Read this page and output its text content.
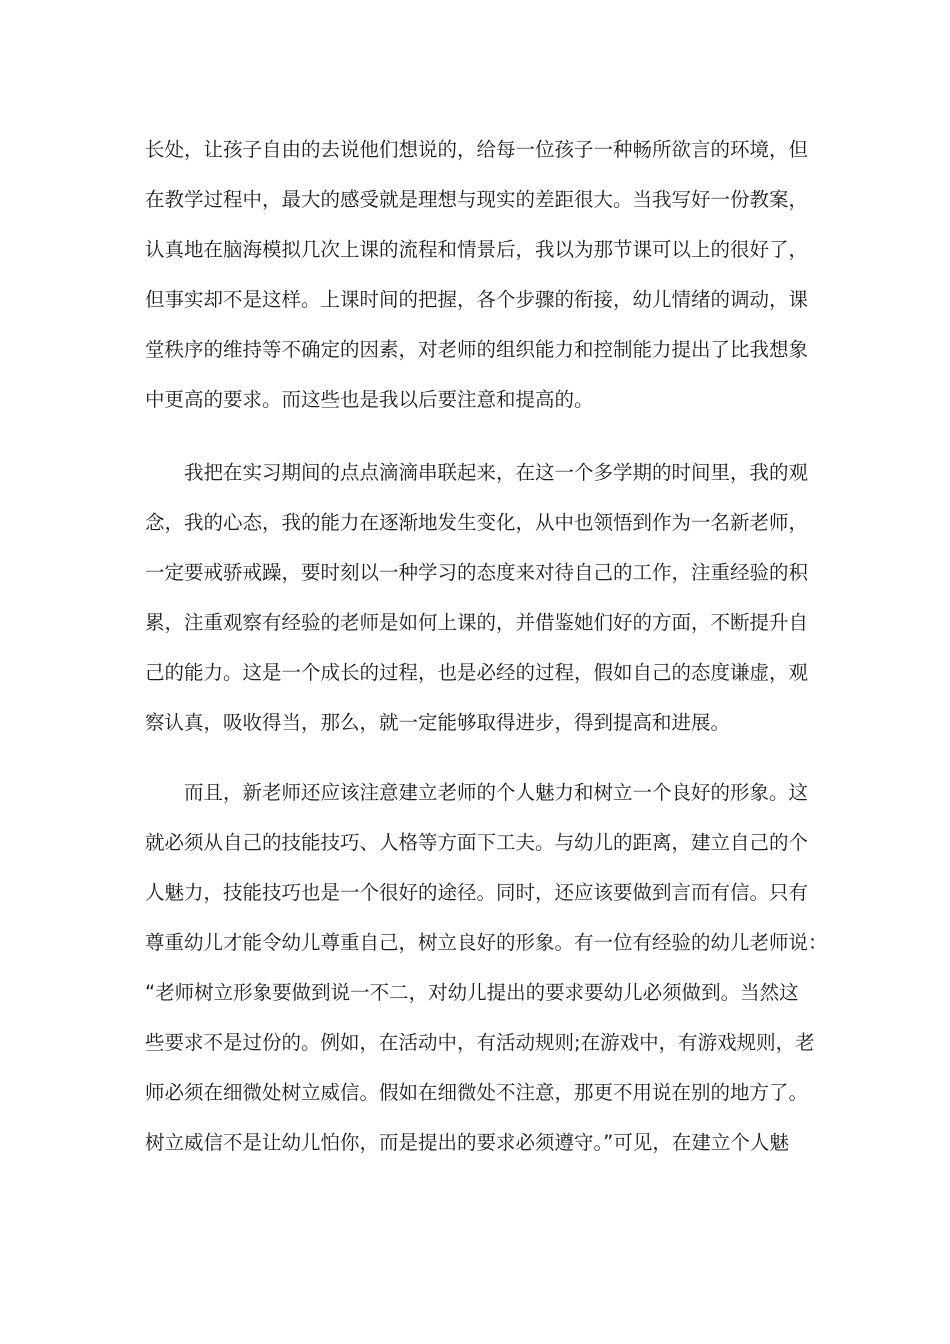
长处，让孩子自由的去说他们想说的，给每一位孩子一种畅所欲言的环境，但
在教学过程中，最大的感受就是理想与现实的差距很大。当我写好一份教案，
认真地在脑海模拟几次上课的流程和情景后，我以为那节课可以上的很好了，
但事实却不是这样。上课时间的把握，各个步骤的衔接，幼儿情绪的调动，课
堂秩序的维持等不确定的因素，对老师的组织能力和控制能力提出了比我想象
中更高的要求。而这些也是我以后要注意和提高的。
　　我把在实习期间的点点滴滴串联起来，在这一个多学期的时间里，我的观
念，我的心态，我的能力在逐渐地发生变化，从中也领悟到作为一名新老师，
一定要戒骄戒躁，要时刻以一种学习的态度来对待自己的工作，注重经验的积
累，注重观察有经验的老师是如何上课的，并借鉴她们好的方面，不断提升自
己的能力。这是一个成长的过程，也是必经的过程，假如自己的态度谦虚，观
察认真，吸收得当，那么，就一定能够取得进步，得到提高和进展。
　　而且，新老师还应该注意建立老师的个人魅力和树立一个良好的形象。这
就必须从自己的技能技巧、人格等方面下工夫。与幼儿的距离，建立自己的个
人魅力，技能技巧也是一个很好的途径。同时，还应该要做到言而有信。只有
尊重幼儿才能令幼儿尊重自己，树立良好的形象。有一位有经验的幼儿老师说：
“老师树立形象要做到说一不二，对幼儿提出的要求要幼儿必须做到。当然这
些要求不是过份的。例如，在活动中，有活动规则;在游戏中，有游戏规则，老
师必须在细微处树立威信。假如在细微处不注意，那更不用说在别的地方了。
树立威信不是让幼儿怕你，而是提出的要求必须遵守。”可见，在建立个人魅
